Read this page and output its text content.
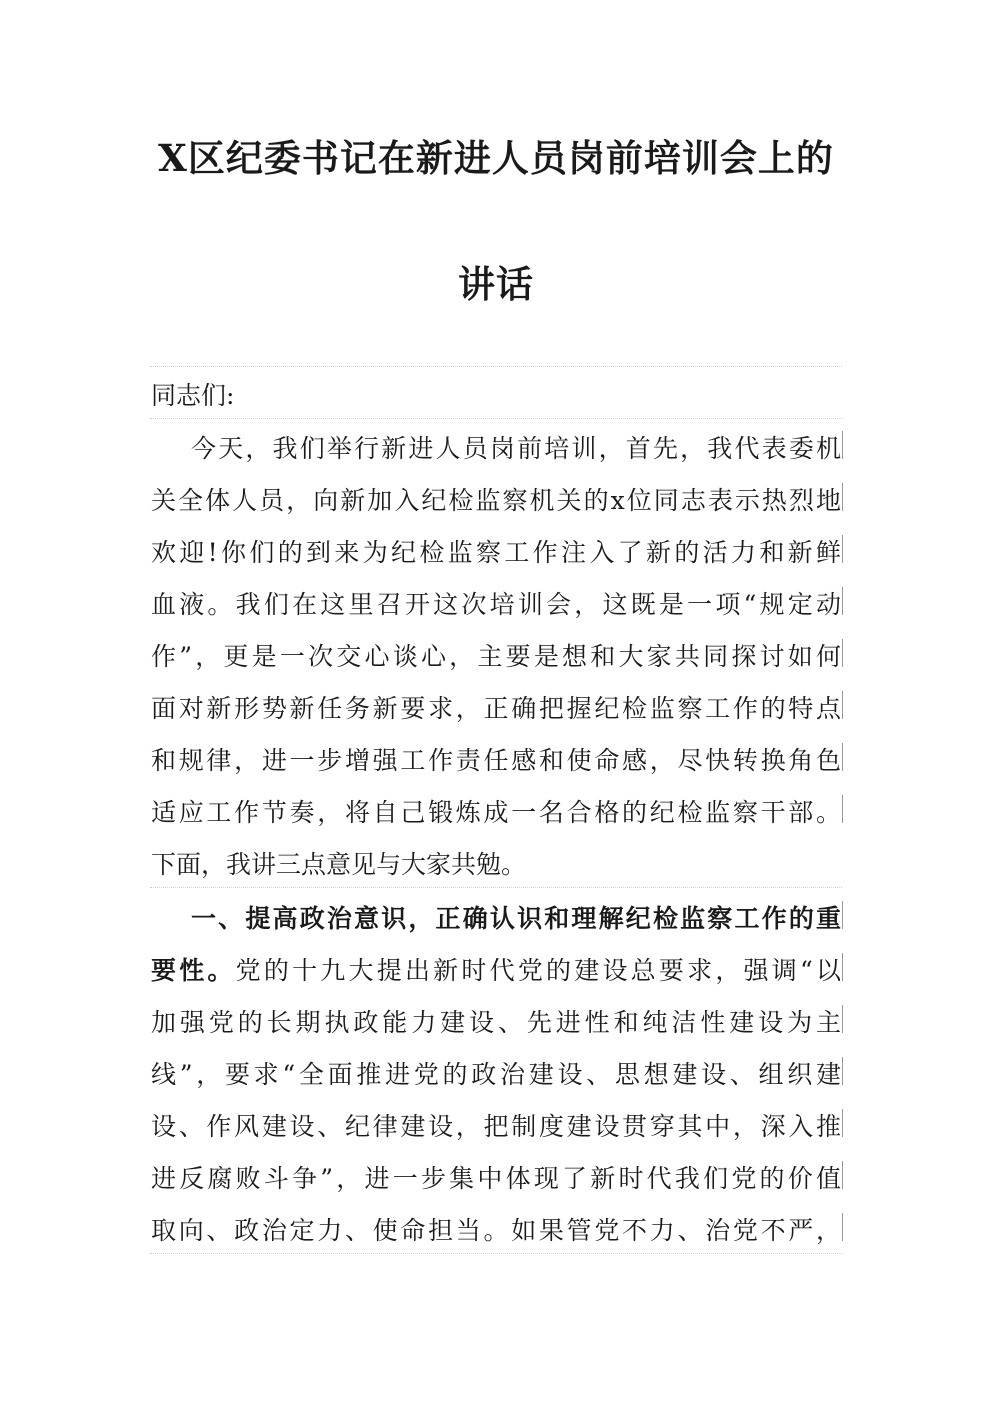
X区纪委书记在新进人员岗前培训会上的
讲话
同志们:
今天，我们举行新进人员岗前培训，首先，我代表委机
关全体人员，向新加入纪检监察机关的x位同志表示热烈地
欢迎!你们的到来为纪检监察工作注入了新的活力和新鲜
血液。我们在这里召开这次培训会，这既是一项“规定动
作”，更是一次交心谈心，主要是想和大家共同探讨如何
面对新形势新任务新要求，正确把握纪检监察工作的特点
和规律，进一步增强工作责任感和使命感，尽快转换角色
适应工作节奏，将自己锻炼成一名合格的纪检监察干部。
下面，我讲三点意见与大家共勉。
一、提高政治意识，正确认识和理解纪检监察工作的重
要性。党的十九大提出新时代党的建设总要求，强调“以
加强党的长期执政能力建设、先进性和纯洁性建设为主
线”，要求“全面推进党的政治建设、思想建设、组织建
设、作风建设、纪律建设，把制度建设贯穿其中，深入推
进反腐败斗争”，进一步集中体现了新时代我们党的价值
取向、政治定力、使命担当。如果管党不力、治党不严，
